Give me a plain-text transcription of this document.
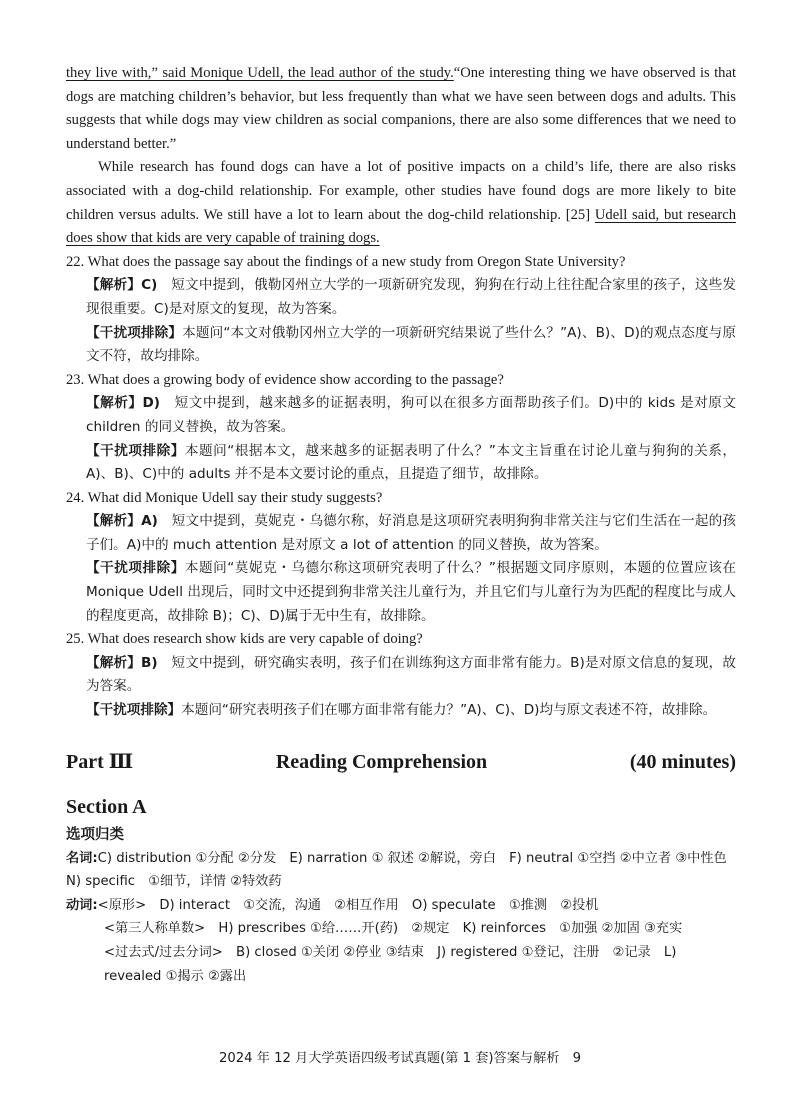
they live with,” said Monique Udell, the lead author of the study.“One interesting thing we have observed is that dogs are matching children’s behavior, but less frequently than what we have seen between dogs and adults. This suggests that while dogs may view children as social companions, there are also some differences that we need to understand better.”

While research has found dogs can have a lot of positive impacts on a child’s life, there are also risks associated with a dog-child relationship. For example, other studies have found dogs are more likely to bite children versus adults. We still have a lot to learn about the dog-child relationship. [25] Udell said, but research does show that kids are very capable of training dogs.

22. What does the passage say about the findings of a new study from Oregon State University?

【解析】C)　短文中提到，俄勒冈州立大学的一项新研究发现，狗狗在行动上往往配合家里的孩子，这些发现很重要。C)是对原文的复现，故为答案。

【干扰项排除】本题问“本文对俄勒冈州立大学的一项新研究结果说了些什么？”A)、B)、D)的观点态度与原文不符，故均排除。

23. What does a growing body of evidence show according to the passage?

【解析】D)　短文中提到，越来越多的证据表明，狗可以在很多方面帮助孩子们。D)中的 kids 是对原文 children 的同义替换，故为答案。

【干扰项排除】本题问“根据本文，越来越多的证据表明了什么？”本文主旨重在讨论儿童与狗狗的关系，A)、B)、C)中的 adults 并不是本文要讨论的重点，且提造了细节，故排除。

24. What did Monique Udell say their study suggests?

【解析】A)　短文中提到，莫妮克・乌德尔称，好消息是这项研究表明狗狗非常关注与它们生活在一起的孩子们。A)中的 much attention 是对原文 a lot of attention 的同义替换，故为答案。

【干扰项排除】本题问“莫妮克・乌德尔称这项研究表明了什么？”根据题文同序原则，本题的位置应该在 Monique Udell 出现后，同时文中还提到狗非常关注儿童行为，并且它们与儿童行为为匹配的程度比与成人的程度更高，故排除 B)；C)、D)属于无中生有，故排除。

25. What does research show kids are very capable of doing?

【解析】B)　短文中提到，研究确实表明，孩子们在训练狗这方面非常有能力。B)是对原文信息的复现，故为答案。

【干扰项排除】本题问“研究表明孩子们在哪方面非常有能力？”A)、C)、D)均与原文表述不符，故排除。

Part Ⅲ	Reading Comprehension	(40 minutes)
Section A
选项归类

名词:C) distribution ①分配 ②分发　E) narration ① 叙述 ②解说，旁白　F) neutral ①空挡 ②中立者 ③中性色　N) specific　①细节，详情 ②特效药

动词:<原形>　D) interact　①交流，沟通　②相互作用　O) speculate　①推测　②投机

<第三人称单数>　H) prescribes ①给……开(药)　②规定　K) reinforces　①加强 ②加固 ③充实

<过去式/过去分词>　B) closed ①关闭 ②停业 ③结束　J) registered ①登记，注册　②记录　L) revealed ①揭示 ②露出

2024 年 12 月大学英语四级考试真题(第 1 套)答案与解析　9
